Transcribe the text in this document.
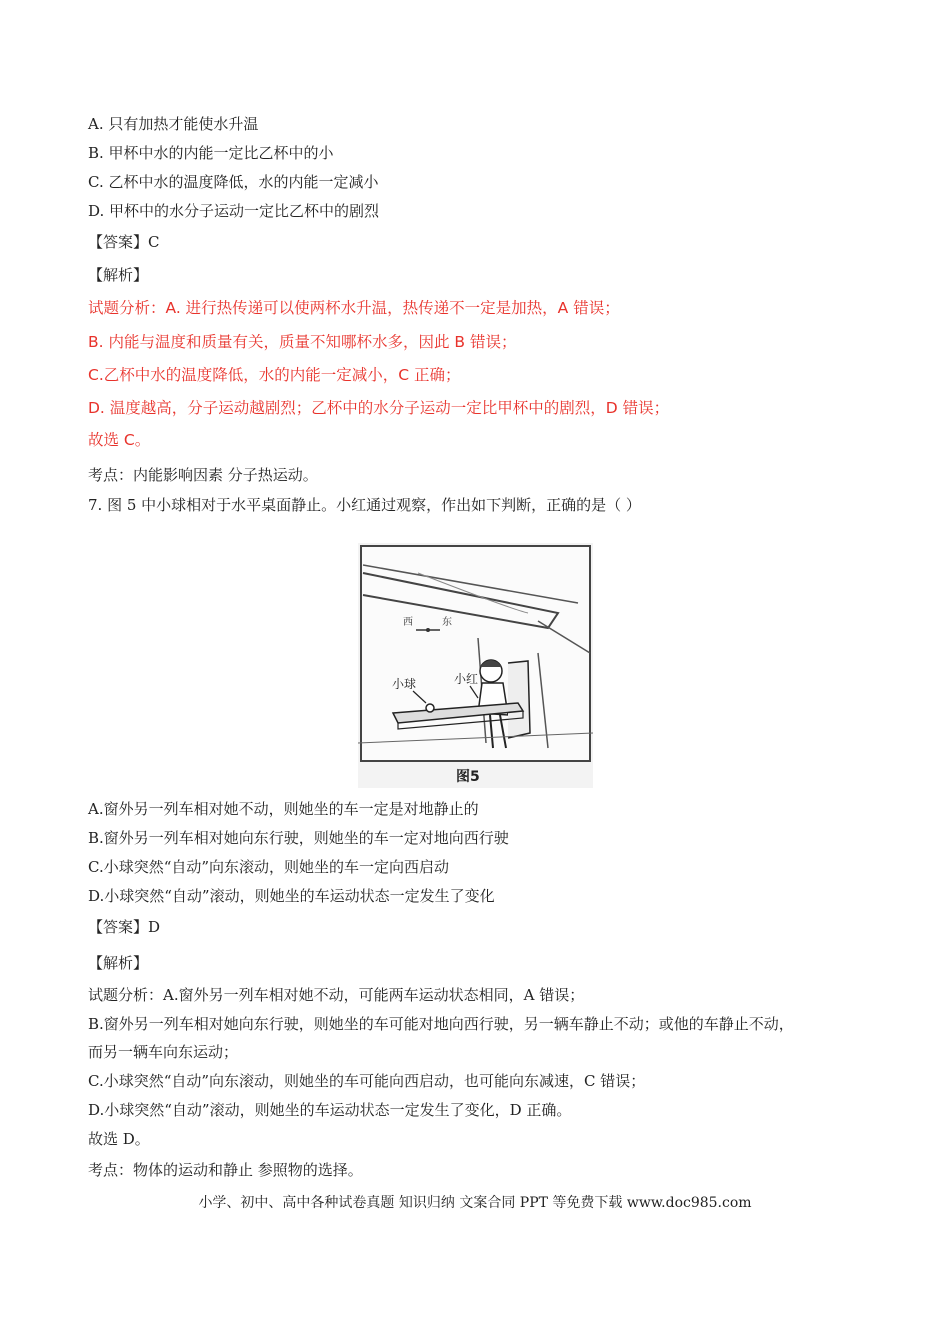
A. 只有加热才能使水升温
B. 甲杯中水的内能一定比乙杯中的小
C. 乙杯中水的温度降低，水的内能一定减小
D. 甲杯中的水分子运动一定比乙杯中的剧烈
【答案】C
【解析】
试题分析：A. 进行热传递可以使两杯水升温，热传递不一定是加热，A 错误；
B. 内能与温度和质量有关，质量不知哪杯水多，因此 B 错误；
C.乙杯中水的温度降低，水的内能一定减小，C 正确；
D. 温度越高，分子运动越剧烈；乙杯中的水分子运动一定比甲杯中的剧烈，D 错误；
故选 C。
考点：内能影响因素 分子热运动。
7. 图 5 中小球相对于水平桌面静止。小红通过观察，作出如下判断，正确的是（ ）
西	东
小球	小红
图5
A.窗外另一列车相对她不动，则她坐的车一定是对地静止的
B.窗外另一列车相对她向东行驶，则她坐的车一定对地向西行驶
C.小球突然“自动”向东滚动，则她坐的车一定向西启动
D.小球突然“自动”滚动，则她坐的车运动状态一定发生了变化
【答案】D
【解析】
试题分析：A.窗外另一列车相对她不动，可能两车运动状态相同，A 错误；
B.窗外另一列车相对她向东行驶，则她坐的车可能对地向西行驶，另一辆车静止不动；或他的车静止不动，
而另一辆车向东运动；
C.小球突然“自动”向东滚动，则她坐的车可能向西启动，也可能向东减速，C 错误；
D.小球突然“自动”滚动，则她坐的车运动状态一定发生了变化，D 正确。
故选 D。
考点：物体的运动和静止 参照物的选择。
小学、初中、高中各种试卷真题 知识归纳 文案合同 PPT 等免费下载 www.doc985.com
